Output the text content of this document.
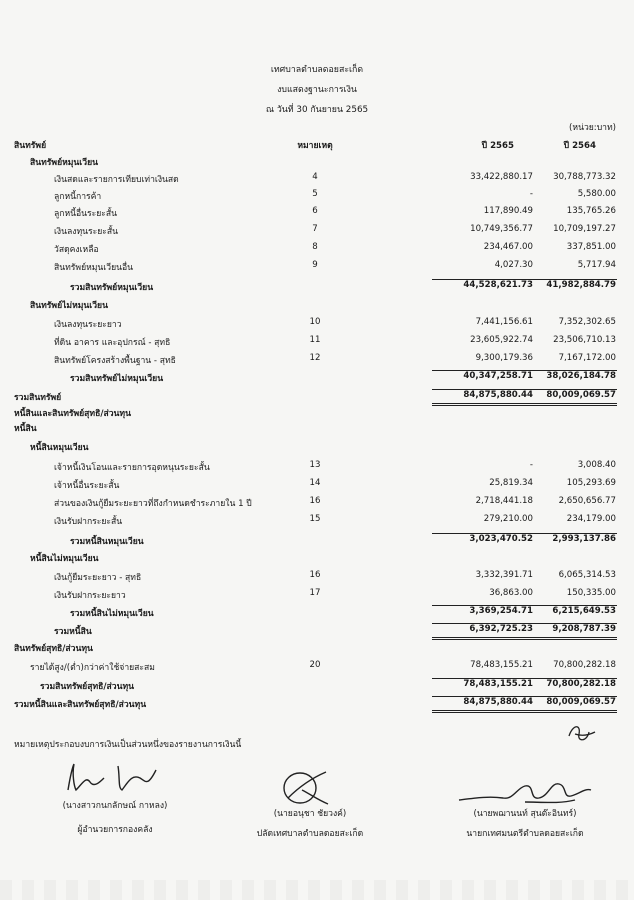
เทศบาลตำบลดอยสะเก็ด
งบแสดงฐานะการเงิน
ณ วันที่ 30 กันยายน 2565
(หน่วย:บาท)
สินทรัพย์	หมายเหตุ	ปี 2565	ปี 2564
สินทรัพย์หมุนเวียน
เงินสดและรายการเทียบเท่าเงินสด	4	33,422,880.17 30,788,773.32
ลูกหนี้การค้า	5	-	5,580.00
ลูกหนี้อื่นระยะสั้น	6	117,890.49	135,765.26
เงินลงทุนระยะสั้น	7	10,749,356.77 10,709,197.27
วัสดุคงเหลือ	8	234,467.00	337,851.00
สินทรัพย์หมุนเวียนอื่น	9	4,027.30	5,717.94
รวมสินทรัพย์หมุนเวียน	44,528,621.73 41,982,884.79
สินทรัพย์ไม่หมุนเวียน
เงินลงทุนระยะยาว	10	7,441,156.61	7,352,302.65
ที่ดิน อาคาร และอุปกรณ์ - สุทธิ	11	23,605,922.74 23,506,710.13
สินทรัพย์โครงสร้างพื้นฐาน - สุทธิ	12	9,300,179.36	7,167,172.00
รวมสินทรัพย์ไม่หมุนเวียน	40,347,258.71 38,026,184.78
รวมสินทรัพย์	84,875,880.44 80,009,069.57
หนี้สินและสินทรัพย์สุทธิ/ส่วนทุน
หนี้สิน
หนี้สินหมุนเวียน
เจ้าหนี้เงินโอนและรายการอุดหนุนระยะสั้น	13	-	3,008.40
เจ้าหนี้อื่นระยะสั้น	14	25,819.34	105,293.69
ส่วนของเงินกู้ยืมระยะยาวที่ถึงกำหนดชำระภายใน 1 ปี	16	2,718,441.18	2,650,656.77
เงินรับฝากระยะสั้น	15	279,210.00	234,179.00
รวมหนี้สินหมุนเวียน	3,023,470.52 2,993,137.86
หนี้สินไม่หมุนเวียน
เงินกู้ยืมระยะยาว - สุทธิ	16	3,332,391.71	6,065,314.53
เงินรับฝากระยะยาว	17	36,863.00	150,335.00
รวมหนี้สินไม่หมุนเวียน	3,369,254.71 6,215,649.53
รวมหนี้สิน	6,392,725.23 9,208,787.39
สินทรัพย์สุทธิ/ส่วนทุน
รายได้สูง/(ต่ำ)กว่าค่าใช้จ่ายสะสม	20	78,483,155.21 70,800,282.18
รวมสินทรัพย์สุทธิ/ส่วนทุน	78,483,155.21 70,800,282.18
รวมหนี้สินและสินทรัพย์สุทธิ/ส่วนทุน	84,875,880.44 80,009,069.57
หมายเหตุประกอบงบการเงินเป็นส่วนหนึ่งของรายงานการเงินนี้
(นางสาวกนกลักษณ์ กาหลง)
ผู้อำนวยการกองคลัง
(นายอนุชา ชัยวงค์)
ปลัดเทศบาลตำบลดอยสะเก็ด
(นายพฌานนท์ สุนต๊ะอินทร์)
นายกเทศมนตรีตำบลดอยสะเก็ด
